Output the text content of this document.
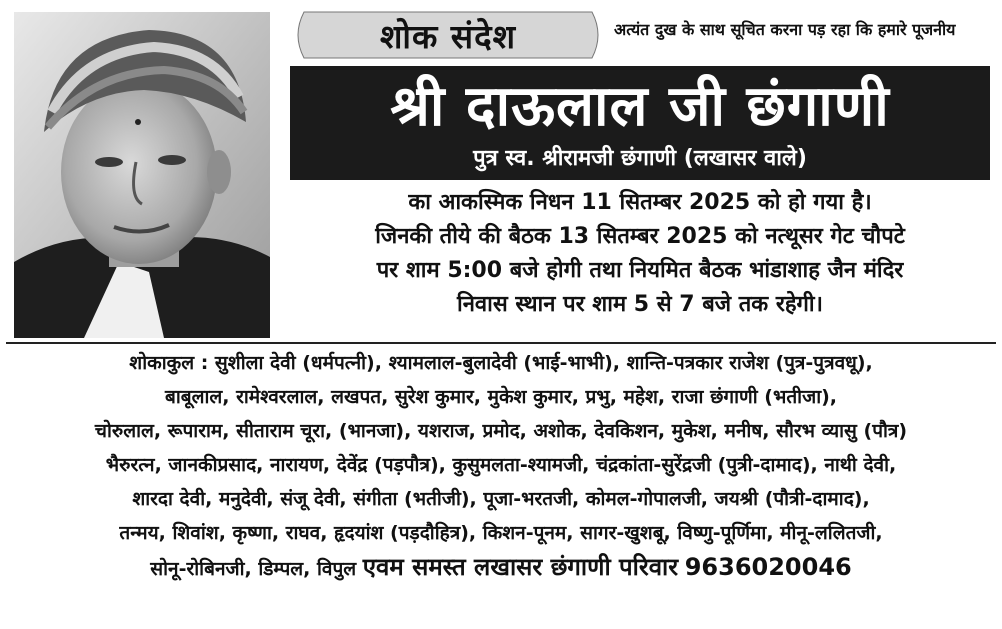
शोक संदेश	अत्यंत दुख के साथ सूचित करना पड़ रहा कि हमारे पूजनीय
श्री दाऊलाल जी छंगाणी
पुत्र स्व. श्रीरामजी छंगाणी (लखासर वाले)
का आकस्मिक निधन 11 सितम्बर 2025 को हो गया है।
जिनकी तीये की बैठक 13 सितम्बर 2025 को नत्थूसर गेट चौपटे
पर शाम 5:00 बजे होगी तथा नियमित बैठक भांडाशाह जैन मंदिर
निवास स्थान पर शाम 5 से 7 बजे तक रहेगी।
शोकाकुल : सुशीला देवी (धर्मपत्नी), श्यामलाल-बुलादेवी (भाई-भाभी), शान्ति-पत्रकार राजेश (पुत्र-पुत्रवधू),
बाबूलाल, रामेश्वरलाल, लखपत, सुरेश कुमार, मुकेश कुमार, प्रभु, महेश, राजा छंगाणी (भतीजा),
चोरुलाल, रूपाराम, सीताराम चूरा, (भानजा), यशराज, प्रमोद, अशोक, देवकिशन, मुकेश, मनीष, सौरभ व्यासु (पौत्र)
भैरुरत्न, जानकीप्रसाद, नारायण, देवेंद्र (पड़पौत्र), कुसुमलता-श्यामजी, चंद्रकांता-सुरेंद्रजी (पुत्री-दामाद), नाथी देवी,
शारदा देवी, मनुदेवी, संजू देवी, संगीता (भतीजी), पूजा-भरतजी, कोमल-गोपालजी, जयश्री (पौत्री-दामाद),
तन्मय, शिवांश, कृष्णा, राघव, हृदयांश (पड़दौहित्र), किशन-पूनम, सागर-खुशबू, विष्णु-पूर्णिमा, मीनू-ललितजी,
सोनू-रोबिनजी, डिम्पल, विपुल एवम समस्त लखासर छंगाणी परिवार 9636020046
